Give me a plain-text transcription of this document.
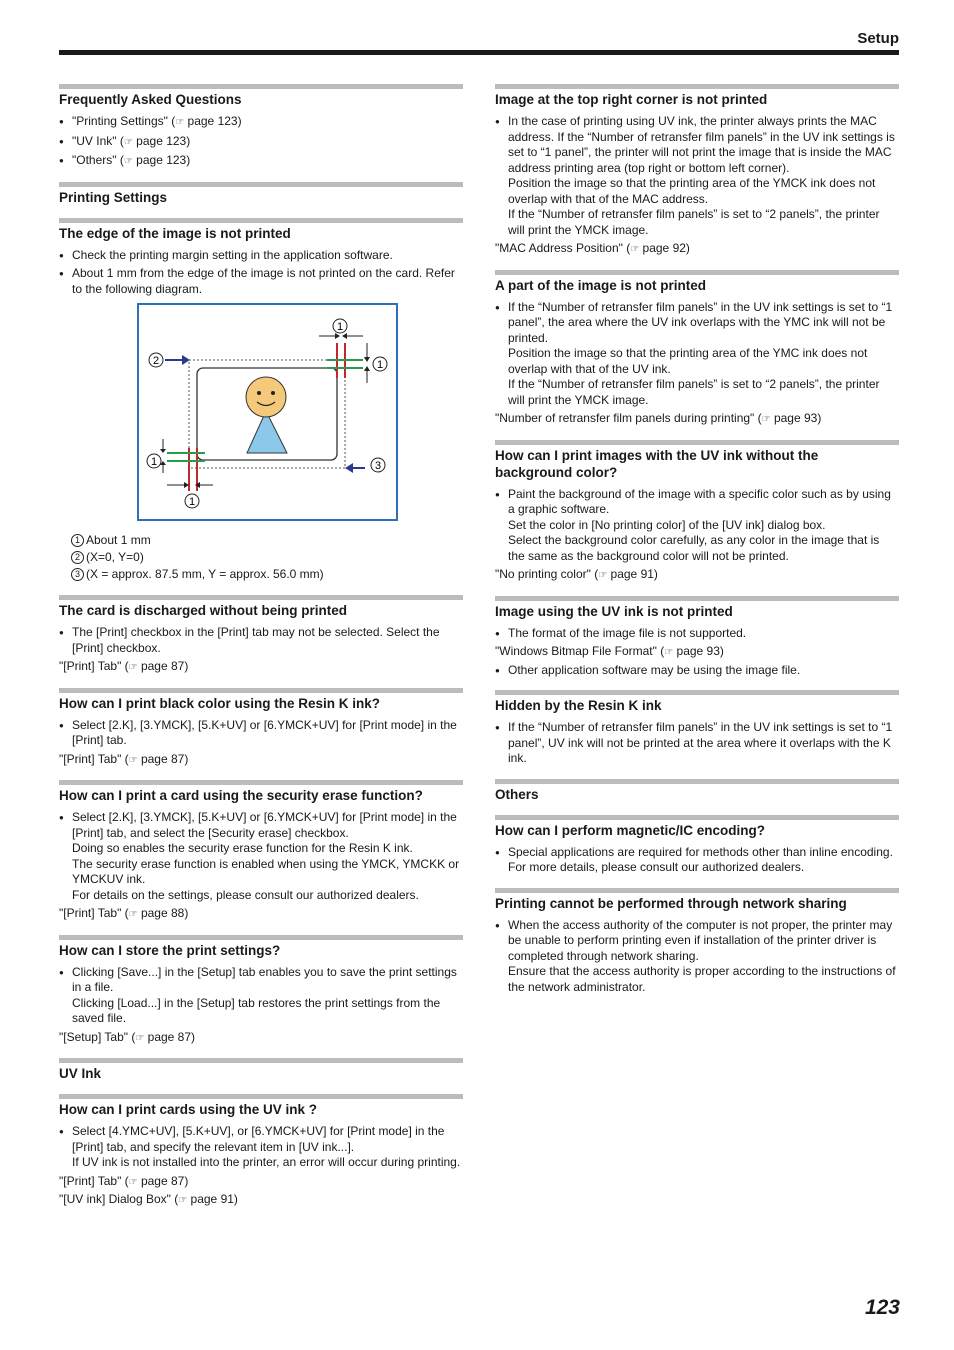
Setup
Frequently Asked Questions
● "Printing Settings" (☞ page 123)
● "UV Ink" (☞ page 123)
● "Others" (☞ page 123)
Printing Settings
The edge of the image is not printed
● Check the printing margin setting in the application software.
● About 1 mm from the edge of the image is not printed on the card. Refer to the following diagram.
1
1
2
1	3
1
1 About 1 mm
2 (X=0, Y=0)
3 (X = approx. 87.5 mm, Y = approx. 56.0 mm)
The card is discharged without being printed
● The [Print] checkbox in the [Print] tab may not be selected. Select the [Print] checkbox.
"[Print] Tab" (☞ page 87)
How can I print black color using the Resin K ink?
● Select [2.K], [3.YMCK], [5.K+UV] or [6.YMCK+UV] for [Print mode] in the [Print] tab.
"[Print] Tab" (☞ page 87)
How can I print a card using the security erase function?
● Select [2.K], [3.YMCK], [5.K+UV] or [6.YMCK+UV] for [Print mode] in the [Print] tab, and select the [Security erase] checkbox.
Doing so enables the security erase function for the Resin K ink.
The security erase function is enabled when using the YMCK, YMCKK or YMCKUV ink.
For details on the settings, please consult our authorized dealers.
"[Print] Tab" (☞ page 88)
How can I store the print settings?
● Clicking [Save...] in the [Setup] tab enables you to save the print settings in a file.
Clicking [Load...] in the [Setup] tab restores the print settings from the saved file.
"[Setup] Tab" (☞ page 87)
UV Ink
How can I print cards using the UV ink ?
● Select [4.YMC+UV], [5.K+UV], or [6.YMCK+UV] for [Print mode] in the [Print] tab, and specify the relevant item in [UV ink...].
If UV ink is not installed into the printer, an error will occur during printing.
"[Print] Tab" (☞ page 87)
"[UV ink] Dialog Box" (☞ page 91)
Image at the top right corner is not printed
● In the case of printing using UV ink, the printer always prints the MAC address. If the “Number of retransfer film panels” in the UV ink settings is set to “1 panel”, the printer will not print the image that is inside the MAC address printing area (top right or bottom left corner).
Position the image so that the printing area of the YMCK ink does not overlap with that of the MAC address.
If the “Number of retransfer film panels” is set to “2 panels”, the printer will print the YMCK image.
"MAC Address Position" (☞ page 92)
A part of the image is not printed
● If the “Number of retransfer film panels” in the UV ink settings is set to “1 panel”, the area where the UV ink overlaps with the YMC ink will not be printed.
Position the image so that the printing area of the YMC ink does not overlap with that of the UV ink.
If the “Number of retransfer film panels” is set to “2 panels”, the printer will print the YMCK image.
"Number of retransfer film panels during printing" (☞ page 93)
How can I print images with the UV ink without the background color?
● Paint the background of the image with a specific color such as by using a graphic software.
Set the color in [No printing color] of the [UV ink] dialog box.
Select the background color carefully, as any color in the image that is the same as the background color will not be printed.
"No printing color" (☞ page 91)
Image using the UV ink is not printed
● The format of the image file is not supported.
"Windows Bitmap File Format" (☞ page 93)
● Other application software may be using the image file.
Hidden by the Resin K ink
● If the “Number of retransfer film panels” in the UV ink settings is set to “1 panel”, UV ink will not be printed at the area where it overlaps with the K ink.
Others
How can I perform magnetic/IC encoding?
● Special applications are required for methods other than inline encoding.
For more details, please consult our authorized dealers.
Printing cannot be performed through network sharing
● When the access authority of the computer is not proper, the printer may be unable to perform printing even if installation of the printer driver is completed through network sharing.
Ensure that the access authority is proper according to the instructions of the network administrator.
123
